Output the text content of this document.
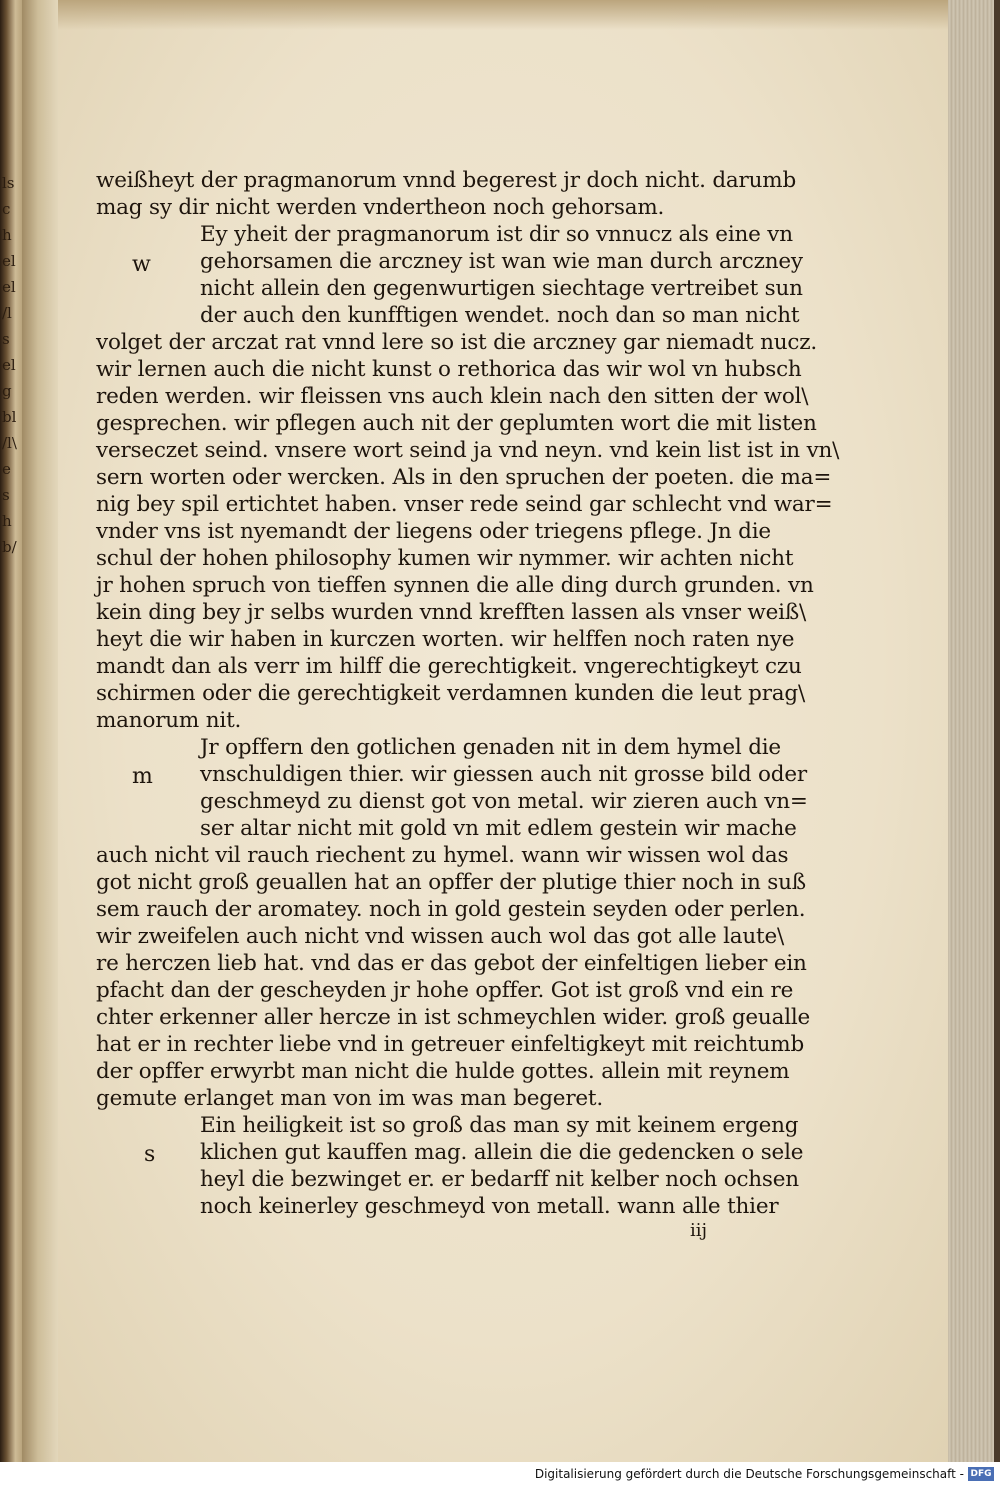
lschelel/lselgbl/l\eshb/
weißheyt der pragmanorum vnnd begerest jr doch nicht. darumb
mag sy dir nicht werden vndertheon noch gehorsam.
Ey yheit der pragmanorum ist dir so vnnucz als eine vn
gehorsamen die arczney ist wan wie man durch arczney
nicht allein den gegenwurtigen siechtage vertreibet sun
der auch den kunfftigen wendet. noch dan so man nicht
volget der arczat rat vnnd lere so ist die arczney gar niemadt nucz.
wir lernen auch die nicht kunst o rethorica das wir wol vn hubsch
reden werden. wir fleissen vns auch klein nach den sitten der wol\
gesprechen. wir pflegen auch nit der geplumten wort die mit listen
verseczet seind. vnsere wort seind ja vnd neyn. vnd kein list ist in vn\
sern worten oder wercken. Als in den spruchen der poeten. die ma=
nig bey spil ertichtet haben. vnser rede seind gar schlecht vnd war=
vnder vns ist nyemandt der liegens oder triegens pflege. Jn die
schul der hohen philosophy kumen wir nymmer. wir achten nicht
jr hohen spruch von tieffen synnen die alle ding durch grunden. vn
kein ding bey jr selbs wurden vnnd krefften lassen als vnser weiß\
heyt die wir haben in kurczen worten. wir helffen noch raten nye
mandt dan als verr im hilff die gerechtigkeit. vngerechtigkeyt czu
schirmen oder die gerechtigkeit verdamnen kunden die leut prag\
manorum nit.
Jr opffern den gotlichen genaden nit in dem hymel die
vnschuldigen thier. wir giessen auch nit grosse bild oder
geschmeyd zu dienst got von metal. wir zieren auch vn=
ser altar nicht mit gold vn mit edlem gestein wir mache
auch nicht vil rauch riechent zu hymel. wann wir wissen wol das
got nicht groß geuallen hat an opffer der plutige thier noch in suß
sem rauch der aromatey. noch in gold gestein seyden oder perlen.
wir zweifelen auch nicht vnd wissen auch wol das got alle laute\
re herczen lieb hat. vnd das er das gebot der einfeltigen lieber ein
pfacht dan der gescheyden jr hohe opffer. Got ist groß vnd ein re
chter erkenner aller hercze in ist schmeychlen wider. groß geualle
hat er in rechter liebe vnd in getreuer einfeltigkeyt mit reichtumb
der opffer erwyrbt man nicht die hulde gottes. allein mit reynem
gemute erlanget man von im was man begeret.
Ein heiligkeit ist so groß das man sy mit keinem ergeng
klichen gut kauffen mag. allein die die gedencken o sele
heyl die bezwinget er. er bedarff nit kelber noch ochsen
noch keinerley geschmeyd von metall. wann alle thier
w
m
s
iij
Digitalisierung gefördert durch die Deutsche Forschungsgemeinschaft - DFG
